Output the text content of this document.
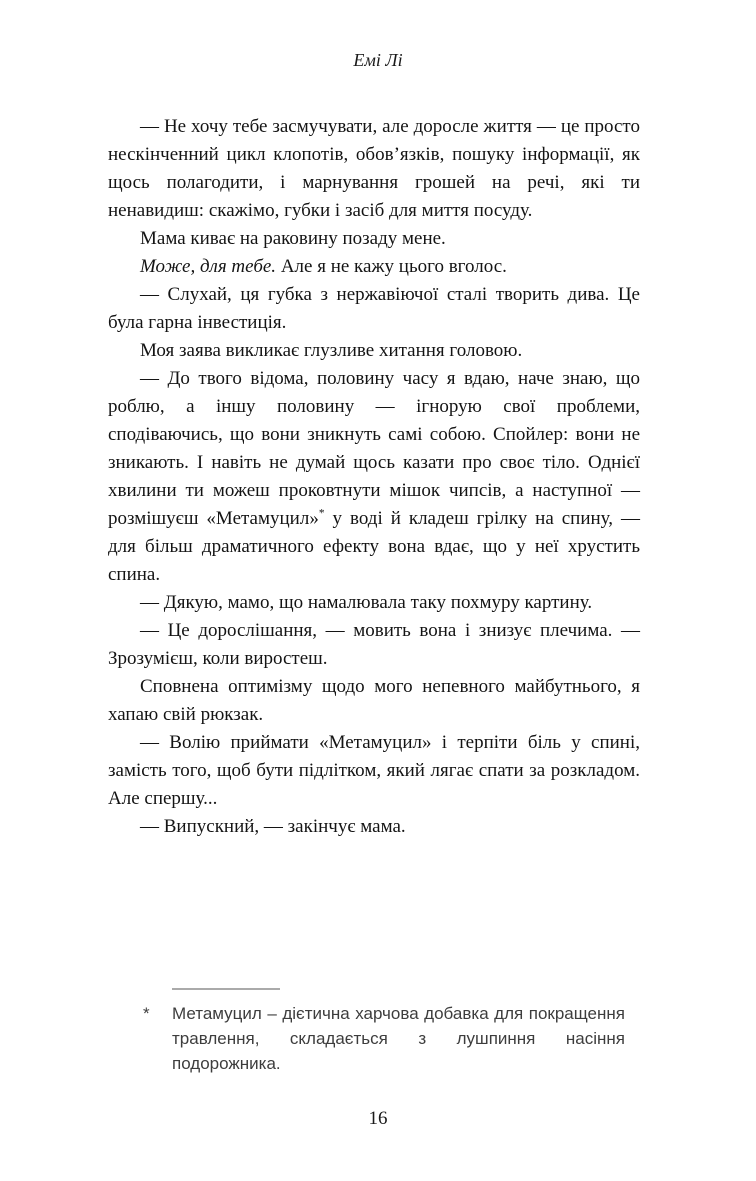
Емі Лі

— Не хочу тебе засмучувати, але доросле життя — це просто нескінченний цикл клопотів, обов’язків, пошуку інформації, як щось полагодити, і марнування грошей на речі, які ти ненавидиш: скажімо, губки і засіб для миття посуду.

Мама киває на раковину позаду мене.

Може, для тебе. Але я не кажу цього вголос.

— Слухай, ця губка з нержавіючої сталі творить дива. Це була гарна інвестиція.

Моя заява викликає глузливе хитання головою.

— До твого відома, половину часу я вдаю, наче знаю, що роблю, а іншу половину — ігнорую свої проблеми, сподіваючись, що вони зникнуть самі собою. Спойлер: вони не зникають. І навіть не думай щось казати про своє тіло. Однієї хвилини ти можеш проковтнути мішок чипсів, а наступної — розмішуєш «Метамуцил»* у воді й кладеш грілку на спину, — для більш драматичного ефекту вона вдає, що у неї хрустить спина.

— Дякую, мамо, що намалювала таку похмуру картину.

— Це дорослішання, — мовить вона і знизує плечима. — Зрозумієш, коли виростеш.

Сповнена оптимізму щодо мого непевного майбутнього, я хапаю свій рюкзак.

— Волію приймати «Метамуцил» і терпіти біль у спині, замість того, щоб бути підлітком, який лягає спати за розкладом. Але спершу...

— Випускний, — закінчує мама.

*	Метамуцил – дієтична харчова добавка для покращення травлення, складається з лушпиння насіння подорожника.
16
